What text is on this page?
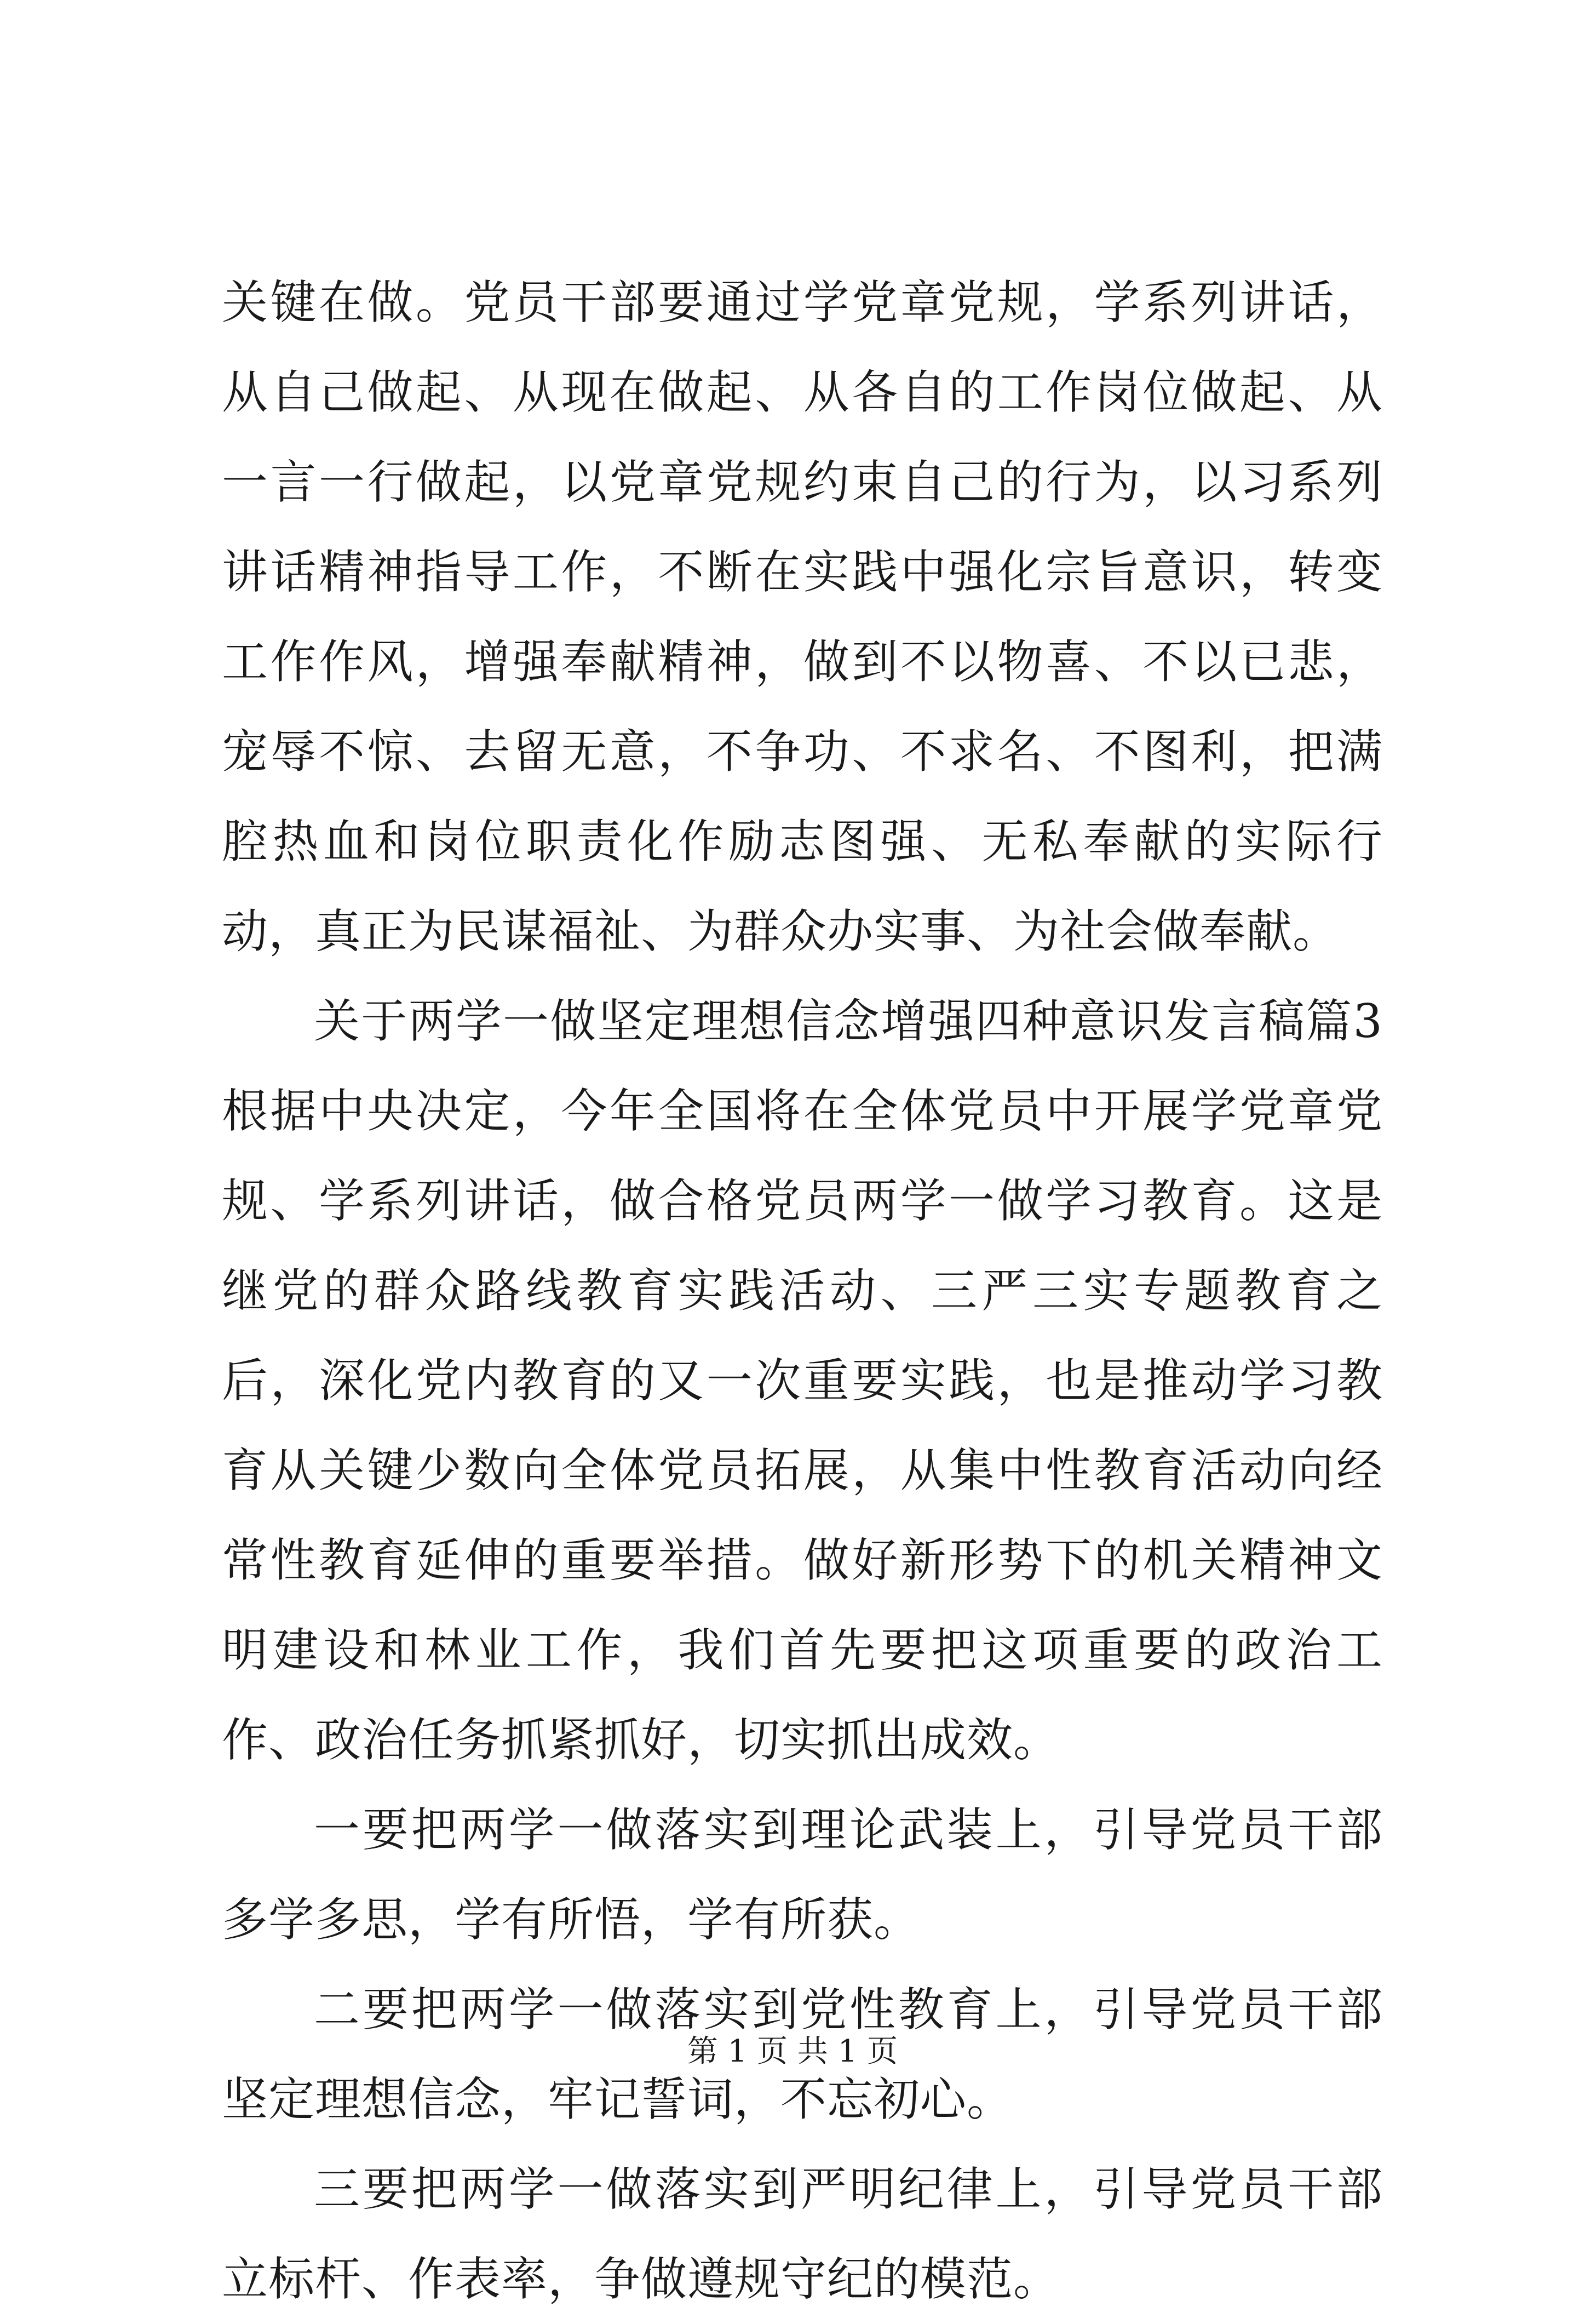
关键在做。党员干部要通过学党章党规，学系列讲话，从自己做起、从现在做起、从各自的工作岗位做起、从一言一行做起，以党章党规约束自己的行为，以习系列讲话精神指导工作，不断在实践中强化宗旨意识，转变工作作风，增强奉献精神，做到不以物喜、不以已悲，宠辱不惊、去留无意，不争功、不求名、不图利，把满腔热血和岗位职责化作励志图强、无私奉献的实际行动，真正为民谋福祉、为群众办实事、为社会做奉献。

关于两学一做坚定理想信念增强四种意识发言稿篇3根据中央决定，今年全国将在全体党员中开展学党章党规、学系列讲话，做合格党员两学一做学习教育。这是继党的群众路线教育实践活动、三严三实专题教育之后，深化党内教育的又一次重要实践，也是推动学习教育从关键少数向全体党员拓展，从集中性教育活动向经常性教育延伸的重要举措。做好新形势下的机关精神文明建设和林业工作，我们首先要把这项重要的政治工作、政治任务抓紧抓好，切实抓出成效。

一要把两学一做落实到理论武装上，引导党员干部多学多思，学有所悟，学有所获。

二要把两学一做落实到党性教育上，引导党员干部坚定理想信念，牢记誓词，不忘初心。

三要把两学一做落实到严明纪律上，引导党员干部立标杆、作表率，争做遵规守纪的模范。

第 1 页 共 1 页
